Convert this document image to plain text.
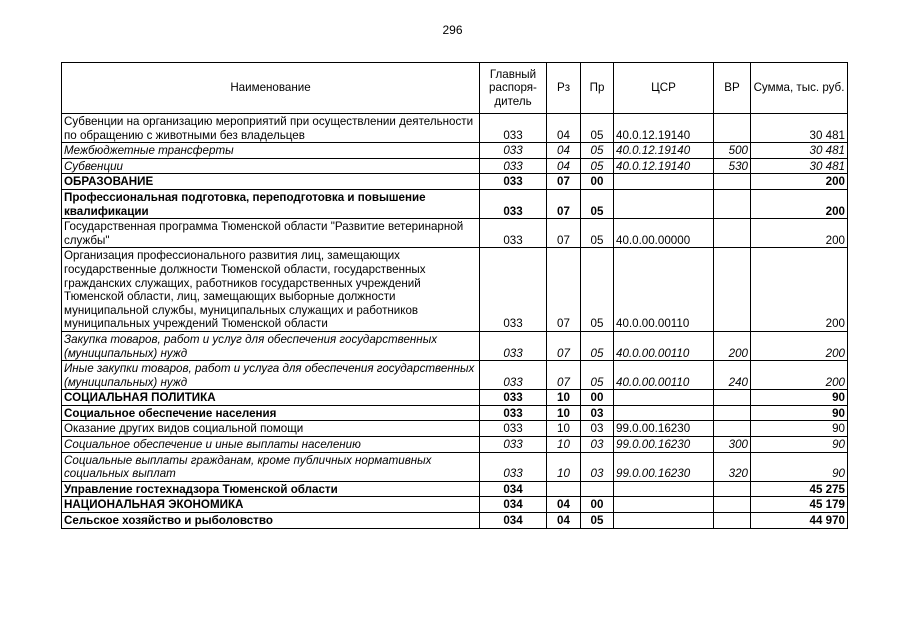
296
Наименование	Главный распоря-дитель	Рз	Пр	ЦСР	ВР	Сумма, тыс. руб.
Субвенции на организацию мероприятий при осуществлении деятельности по обращению с животными без владельцев	033	04	05	40.0.12.19140		30 481
Межбюджетные трансферты	033	04	05	40.0.12.19140	500	30 481
Субвенции	033	04	05	40.0.12.19140	530	30 481
ОБРАЗОВАНИЕ	033	07	00			200
Профессиональная подготовка, переподготовка и повышение квалификации	033	07	05			200
Государственная программа Тюменской области "Развитие ветеринарной службы"	033	07	05	40.0.00.00000		200
Организация профессионального развития лиц, замещающих государственные должности Тюменской области, государственных гражданских служащих, работников государственных учреждений Тюменской области, лиц, замещающих выборные должности муниципальной службы, муниципальных служащих и работников муниципальных учреждений Тюменской области	033	07	05	40.0.00.00110		200
Закупка товаров, работ и услуг для обеспечения государственных (муниципальных) нужд	033	07	05	40.0.00.00110	200	200
Иные закупки товаров, работ и услуга для обеспечения государственных (муниципальных) нужд	033	07	05	40.0.00.00110	240	200
СОЦИАЛЬНАЯ ПОЛИТИКА	033	10	00			90
Социальное обеспечение населения	033	10	03			90
Оказание других видов социальной помощи	033	10	03	99.0.00.16230		90
Социальное обеспечение и иные выплаты населению	033	10	03	99.0.00.16230	300	90
Социальные выплаты гражданам, кроме публичных нормативных социальных выплат	033	10	03	99.0.00.16230	320	90
Управление гостехнадзора Тюменской области	034					45 275
НАЦИОНАЛЬНАЯ ЭКОНОМИКА	034	04	00			45 179
Сельское хозяйство и рыболовство	034	04	05			44 970
